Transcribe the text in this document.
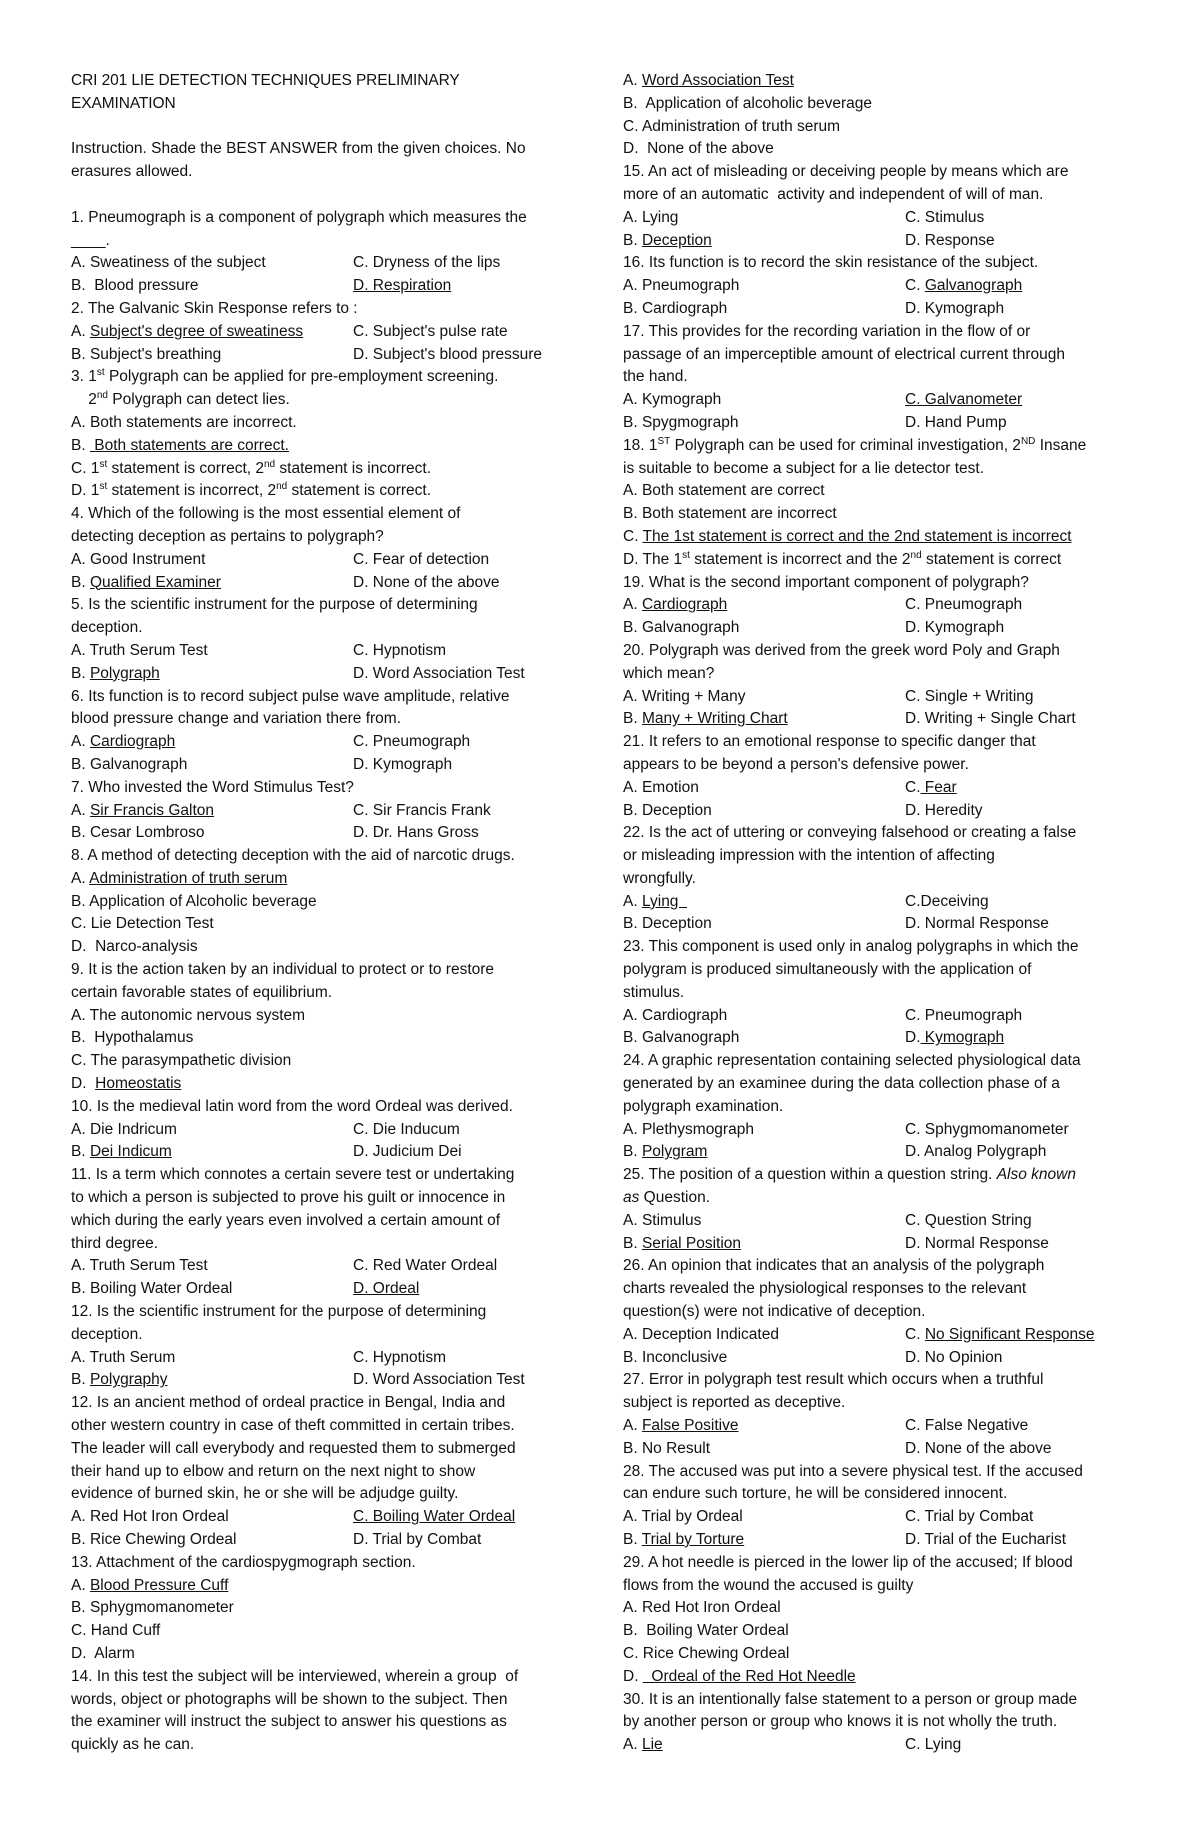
CRI 201 LIE DETECTION TECHNIQUES PRELIMINARY
EXAMINATION
Instruction. Shade the BEST ANSWER from the given choices. No
erasures allowed.
1. Pneumograph is a component of polygraph which measures the
____.
A. Sweatiness of the subject	C. Dryness of the lips
B.  Blood pressure	D. Respiration
2. The Galvanic Skin Response refers to :
A. Subject's degree of sweatiness	C. Subject's pulse rate
B. Subject's breathing	D. Subject's blood pressure
3. 1st Polygraph can be applied for pre-employment screening.
2nd Polygraph can detect lies.
A. Both statements are incorrect.
B.  Both statements are correct.
C. 1st statement is correct, 2nd statement is incorrect.
D. 1st statement is incorrect, 2nd statement is correct.
4. Which of the following is the most essential element of
detecting deception as pertains to polygraph?
A. Good Instrument	C. Fear of detection
B. Qualified Examiner	D. None of the above
5. Is the scientific instrument for the purpose of determining
deception.
A. Truth Serum Test	C. Hypnotism
B. Polygraph	D. Word Association Test
6. Its function is to record subject pulse wave amplitude, relative
blood pressure change and variation there from.
A. Cardiograph	C. Pneumograph
B. Galvanograph	D. Kymograph
7. Who invested the Word Stimulus Test?
A. Sir Francis Galton	C. Sir Francis Frank
B. Cesar Lombroso	D. Dr. Hans Gross
8. A method of detecting deception with the aid of narcotic drugs.
A. Administration of truth serum
B. Application of Alcoholic beverage
C. Lie Detection Test
D.  Narco-analysis
9. It is the action taken by an individual to protect or to restore
certain favorable states of equilibrium.
A. The autonomic nervous system
B.  Hypothalamus
C. The parasympathetic division
D.  Homeostatis
10. Is the medieval latin word from the word Ordeal was derived.
A. Die Indricum	C. Die Inducum
B. Dei Indicum	D. Judicium Dei
11. Is a term which connotes a certain severe test or undertaking
to which a person is subjected to prove his guilt or innocence in
which during the early years even involved a certain amount of
third degree.
A. Truth Serum Test	C. Red Water Ordeal
B. Boiling Water Ordeal	D. Ordeal
12. Is the scientific instrument for the purpose of determining
deception.
A. Truth Serum	C. Hypnotism
B. Polygraphy	D. Word Association Test
12. Is an ancient method of ordeal practice in Bengal, India and
other western country in case of theft committed in certain tribes.
The leader will call everybody and requested them to submerged
their hand up to elbow and return on the next night to show
evidence of burned skin, he or she will be adjudge guilty.
A. Red Hot Iron Ordeal	C. Boiling Water Ordeal
B. Rice Chewing Ordeal	D. Trial by Combat
13. Attachment of the cardiospygmograph section.
A. Blood Pressure Cuff
B. Sphygmomanometer
C. Hand Cuff
D.  Alarm
14. In this test the subject will be interviewed, wherein a group  of
words, object or photographs will be shown to the subject. Then
the examiner will instruct the subject to answer his questions as
quickly as he can.
A. Word Association Test
B.  Application of alcoholic beverage
C. Administration of truth serum
D.  None of the above
15. An act of misleading or deceiving people by means which are
more of an automatic  activity and independent of will of man.
A. Lying	C. Stimulus
B. Deception	D. Response
16. Its function is to record the skin resistance of the subject.
A. Pneumograph	C. Galvanograph
B. Cardiograph	D. Kymograph
17. This provides for the recording variation in the flow of or
passage of an imperceptible amount of electrical current through
the hand.
A. Kymograph	C. Galvanometer
B. Spygmograph	D. Hand Pump
18. 1ST Polygraph can be used for criminal investigation, 2ND Insane
is suitable to become a subject for a lie detector test.
A. Both statement are correct
B. Both statement are incorrect
C. The 1st statement is correct and the 2nd statement is incorrect
D. The 1st statement is incorrect and the 2nd statement is correct
19. What is the second important component of polygraph?
A. Cardiograph	C. Pneumograph
B. Galvanograph	D. Kymograph
20. Polygraph was derived from the greek word Poly and Graph
which mean?
A. Writing + Many	C. Single + Writing
B. Many + Writing Chart	D. Writing + Single Chart
21. It refers to an emotional response to specific danger that
appears to be beyond a person's defensive power.
A. Emotion	C. Fear
B. Deception	D. Heredity
22. Is the act of uttering or conveying falsehood or creating a false
or misleading impression with the intention of affecting
wrongfully.
A. Lying	C.Deceiving
B. Deception	D. Normal Response
23. This component is used only in analog polygraphs in which the
polygram is produced simultaneously with the application of
stimulus.
A. Cardiograph	C. Pneumograph
B. Galvanograph	D. Kymograph
24. A graphic representation containing selected physiological data
generated by an examinee during the data collection phase of a
polygraph examination.
A. Plethysmograph	C. Sphygmomanometer
B. Polygram	D. Analog Polygraph
25. The position of a question within a question string. Also known
as Question.
A. Stimulus	C. Question String
B. Serial Position	D. Normal Response
26. An opinion that indicates that an analysis of the polygraph
charts revealed the physiological responses to the relevant
question(s) were not indicative of deception.
A. Deception Indicated	C. No Significant Response
B. Inconclusive	D. No Opinion
27. Error in polygraph test result which occurs when a truthful
subject is reported as deceptive.
A. False Positive	C. False Negative
B. No Result	D. None of the above
28. The accused was put into a severe physical test. If the accused
can endure such torture, he will be considered innocent.
A. Trial by Ordeal	C. Trial by Combat
B. Trial by Torture	D. Trial of the Eucharist
29. A hot needle is pierced in the lower lip of the accused; If blood
flows from the wound the accused is guilty
A. Red Hot Iron Ordeal
B.  Boiling Water Ordeal
C. Rice Chewing Ordeal
D.   Ordeal of the Red Hot Needle
30. It is an intentionally false statement to a person or group made
by another person or group who knows it is not wholly the truth.
A. Lie	C. Lying
